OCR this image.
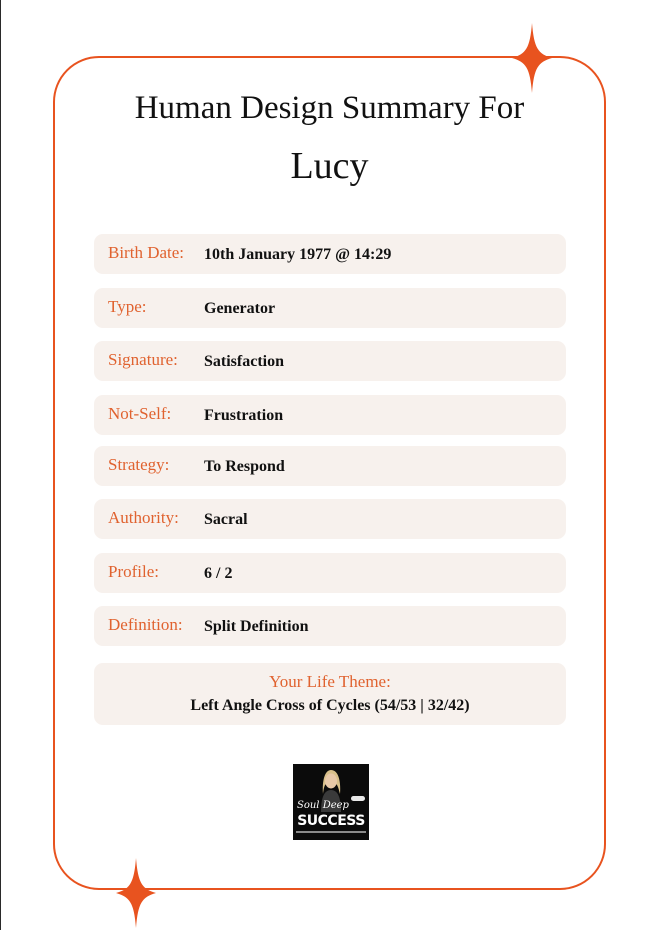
Human Design Summary For
Lucy
Birth Date: 10th January 1977 @ 14:29
Type:	Generator
Signature: Satisfaction
Not-Self: Frustration
Strategy: To Respond
Authority: Sacral
Profile:	6 / 2
Definition: Split Definition
Your Life Theme:
Left Angle Cross of Cycles (54/53 | 32/42)
Soul Deep
SUCCESS
